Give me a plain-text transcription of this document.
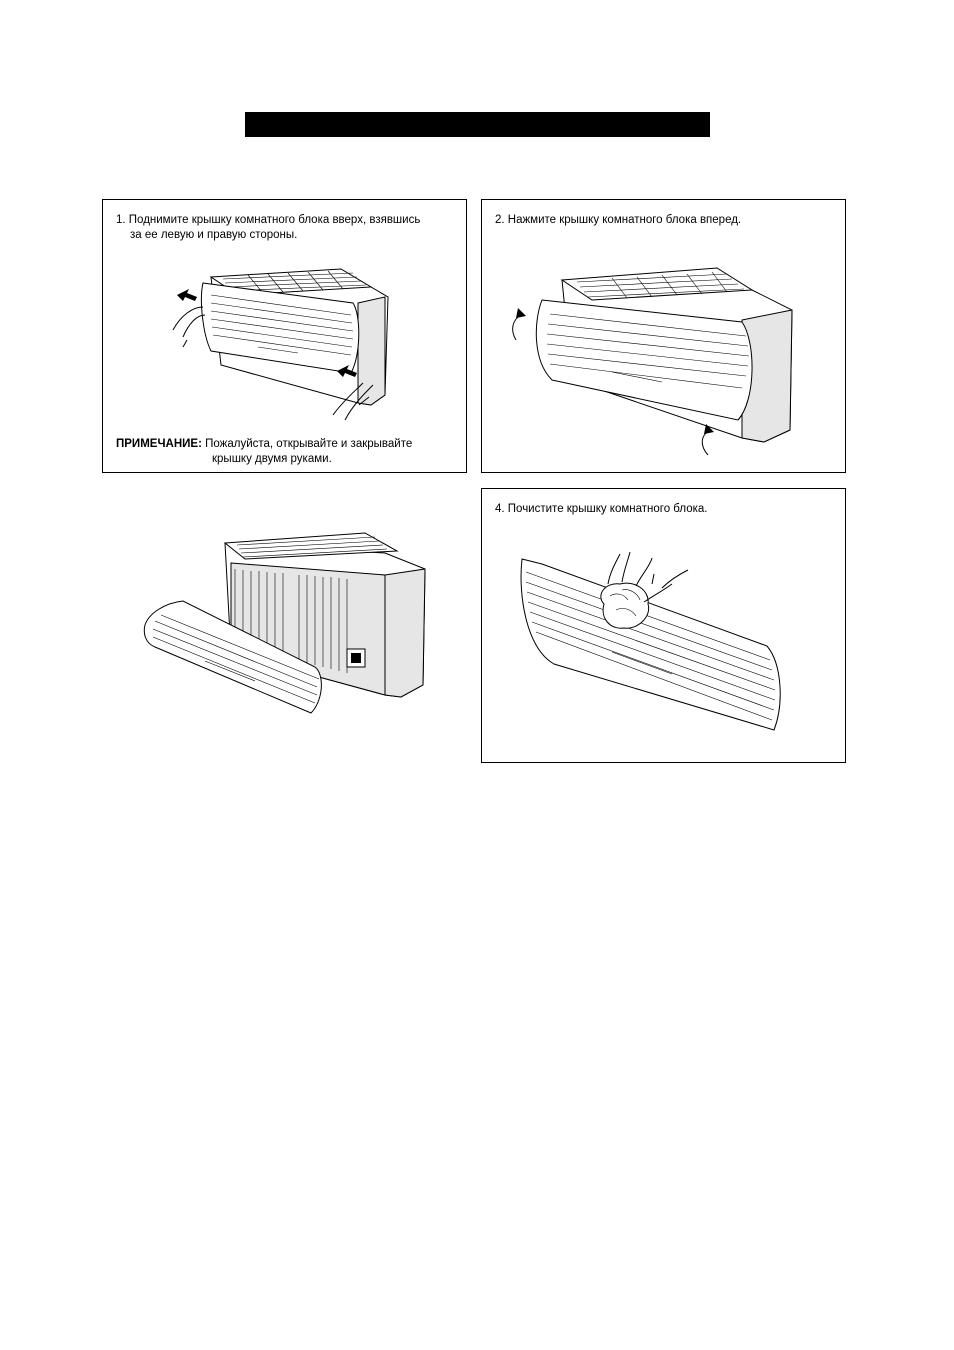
1. Поднимите крышку комнатного блока вверх, взявшись
за ее левую и правую стороны.
ПРИМЕЧАНИЕ: Пожалуйста, открывайте и закрывайте
крышку двумя руками.
2. Нажмите крышку комнатного блока вперед.
4. Почистите крышку комнатного блока.
